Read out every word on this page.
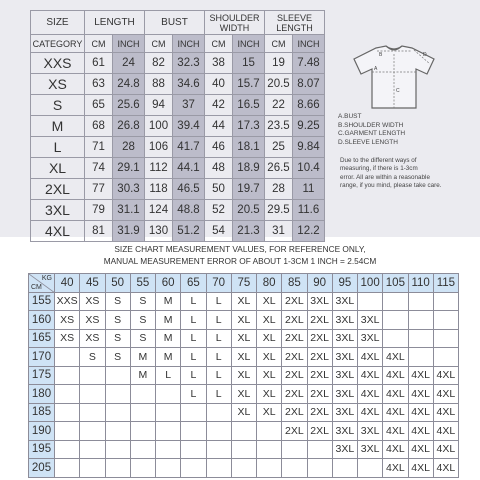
SIZE	LENGTH		BUST		SHOULDER WIDTH		SLEEVE LENGTH	
CATEGORY	CM	INCH	CM	INCH	CM	INCH	CM	INCH
XXS	61	24	82	32.3	38	15	19	7.48
XS	63	24.8	88	34.6	40	15.7	20.5	8.07
S	65	25.6	94	37	42	16.5	22	8.66
M	68	26.8	100	39.4	44	17.3	23.5	9.25
L	71	28	106	41.7	46	18.1	25	9.84
XL	74	29.1	112	44.1	48	18.9	26.5	10.4
2XL	77	30.3	118	46.5	50	19.7	28	11
3XL	79	31.1	124	48.8	52	20.5	29.5	11.6
4XL	81	31.9	130	51.2	54	21.3	31	12.2
A
B
C
D
A.BUST
B.SHOULDER WIDTH
C.GARMENT LENGTH
D.SLEEVE LENGTH
Due to the different ways of
measuring, if there is 1-3cm
error. All are within a reasonable
range, if you mind, please take care.
SIZE CHART MEASUREMENT VALUES, FOR REFERENCE ONLY,
MANUAL MEASUREMENT ERROR OF ABOUT 1-3CM 1 INCH = 2.54CM
KG
CM	40	45	50	55	60	65	70	75	80	85	90	95	100	105	110	115
155	XXS	XS	S	S	M	L	L	XL	XL	2XL	3XL	3XL				
160	XS	XS	S	S	M	L	L	XL	XL	2XL	2XL	3XL	3XL			
165	XS	XS	S	S	M	L	L	XL	XL	2XL	2XL	3XL	3XL			
170		S	S	M	M	L	L	XL	XL	2XL	2XL	3XL	4XL	4XL		
175				M	L	L	L	XL	XL	2XL	2XL	3XL	4XL	4XL	4XL	4XL
180						L	L	XL	XL	2XL	2XL	3XL	4XL	4XL	4XL	4XL
185								XL	XL	2XL	2XL	3XL	4XL	4XL	4XL	4XL
190										2XL	2XL	3XL	3XL	4XL	4XL	4XL
195												3XL	3XL	4XL	4XL	4XL
205														4XL	4XL	4XL
